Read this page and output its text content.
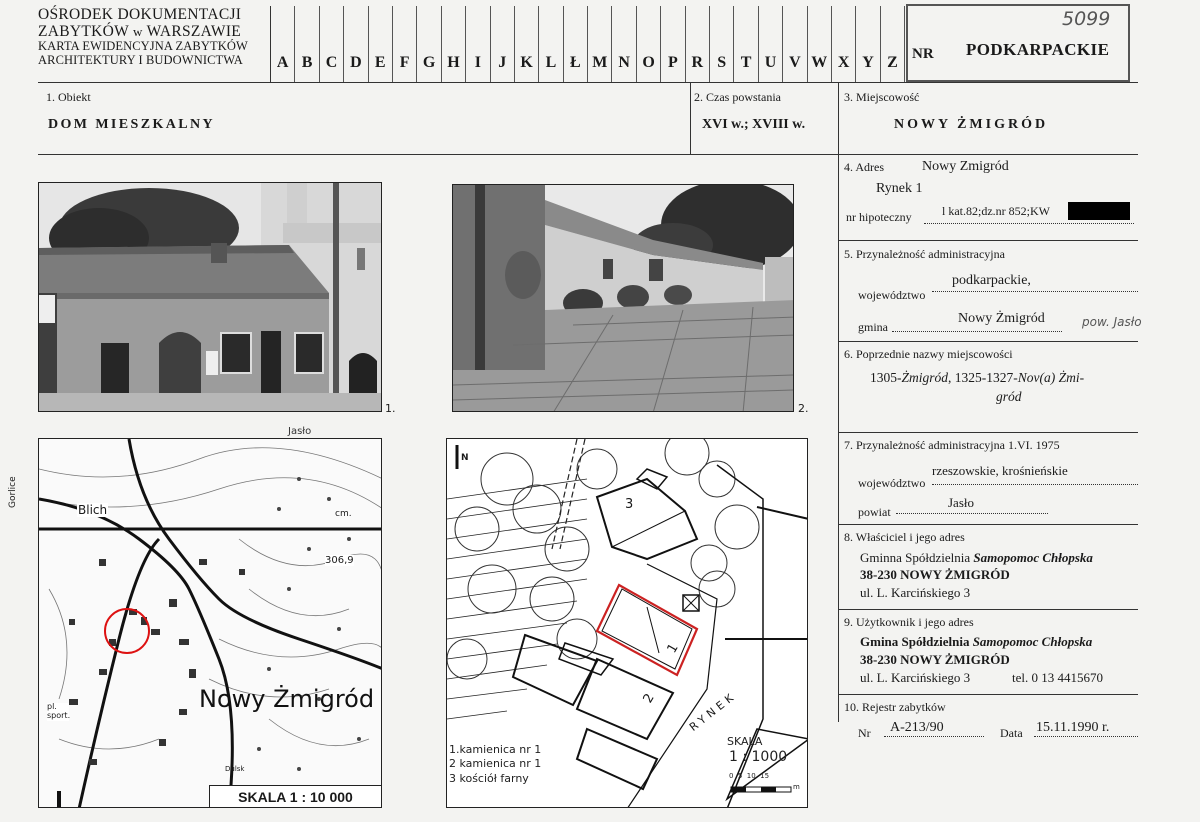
OŚRODEK DOKUMENTACJI
ZABYTKÓW w WARSZAWIE
KARTA EWIDENCYJNA ZABYTKÓW
ARCHITEKTURY I BUDOWNICTWA	A B C D E F G H I	J K L Ł M N O P R S T U V W X Y Z NR PODKARPACKIE
5099
1. Obiekt
DOM MIESZKALNY
2. Czas powstania
XVI w.; XVIII w.
3. Miejscowość
NOWY ŻMIGRÓD
4. Adres	Nowy Zmigród
Rynek 1
nr hipoteczny	l kat.82;dz.nr 852;KW
5. Przynależność administracyjna
województwo
podkarpackie,
gmina
Nowy Żmigród	pow. Jasło
6. Poprzednie nazwy miejscowości
1305-Żmigród, 1325-1327-Nov(a) Żmi-
gród
7. Przynależność administracyjna 1.VI. 1975
województwo
rzeszowskie, krośnieńskie
powiat
Jasło
8. Właściciel i jego adres
Gminna Spółdzielnia Samopomoc Chłopska
38-230 NOWY ŻMIGRÓD
ul. L. Karcińskiego 3
9. Użytkownik i jego adres
Gmina Spółdzielnia Samopomoc Chłopska
38-230 NOWY ŻMIGRÓD
ul. L. Karcińskiego 3	tel. 0 13 4415670
10. Rejestr zabytków
Nr A-213/90	Data 15.11.1990 r.
1.	2.
Jasło
Blich	cm.
306,9
Nowy Żmigród
pl. sport.
Dulsk
SKALA 1 : 10 000
Gorlice	3
1
2	RYNEK
N
1.kamienica nr 1
2 kamienica nr 1
3 kościół farny
SKALA
1 : 1000
0  5  10  15
m
